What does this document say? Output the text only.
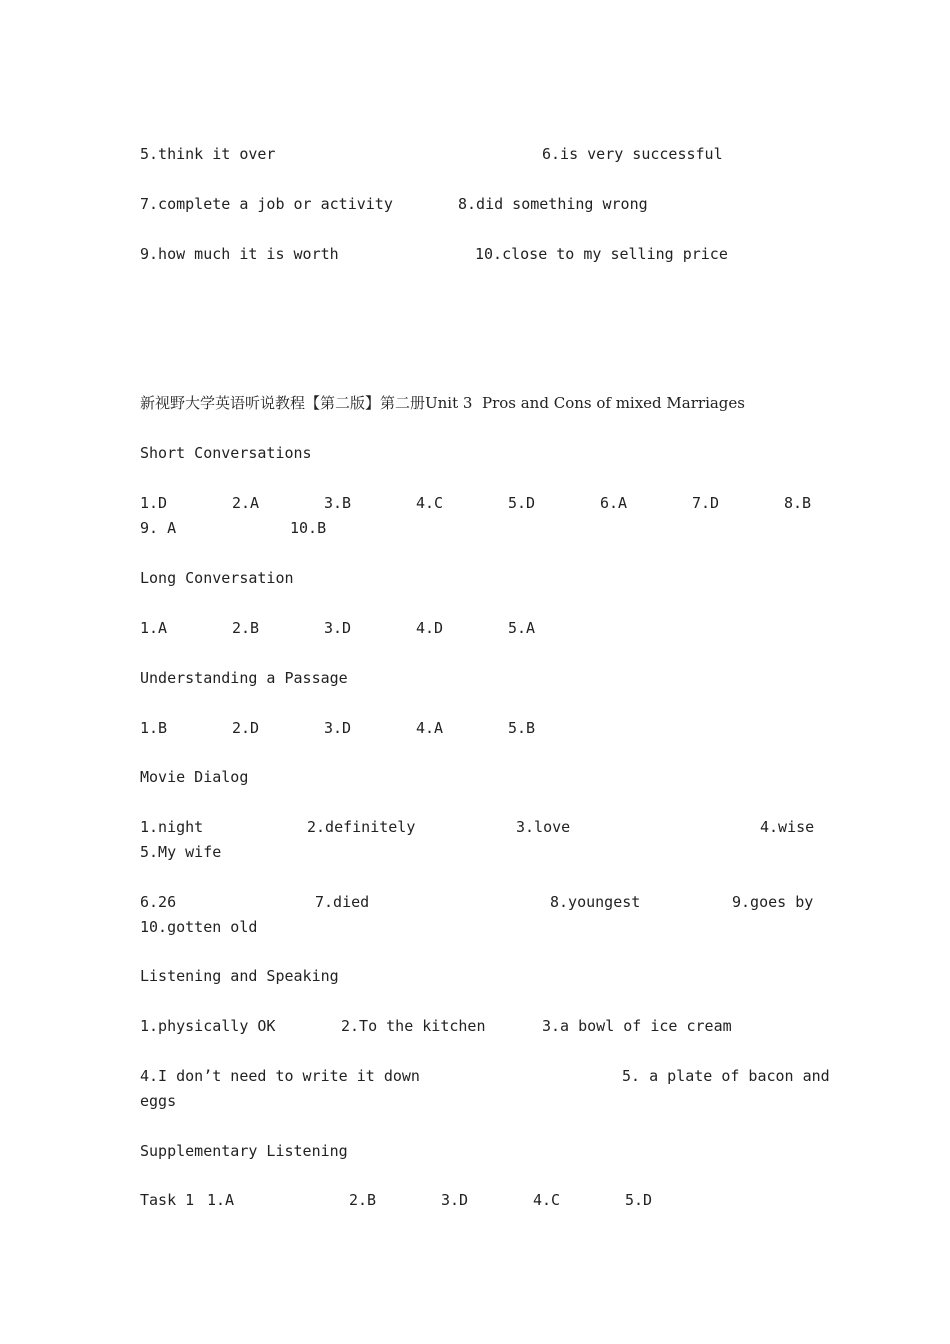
5.think it over	6.is very successful
7.complete a job or activity	8.did something wrong
9.how much it is worth	10.close to my selling price
新视野大学英语听说教程【第二版】第二册Unit 3  Pros and Cons of mixed Marriages
Short Conversations
1.D	2.A	3.B	4.C	5.D	6.A	7.D	8.B
9. A	10.B
Long Conversation
1.A	2.B	3.D	4.D	5.A
Understanding a Passage
1.B	2.D	3.D	4.A	5.B
Movie Dialog
1.night	2.definitely	3.love	4.wise
5.My wife
6.26	7.died	8.youngest	9.goes by
10.gotten old
Listening and Speaking
1.physically OK	2.To the kitchen	3.a bowl of ice cream
4.I don’t need to write it down	5. a plate of bacon and
eggs
Supplementary Listening
Task 1 1.A	2.B	3.D	4.C	5.D
